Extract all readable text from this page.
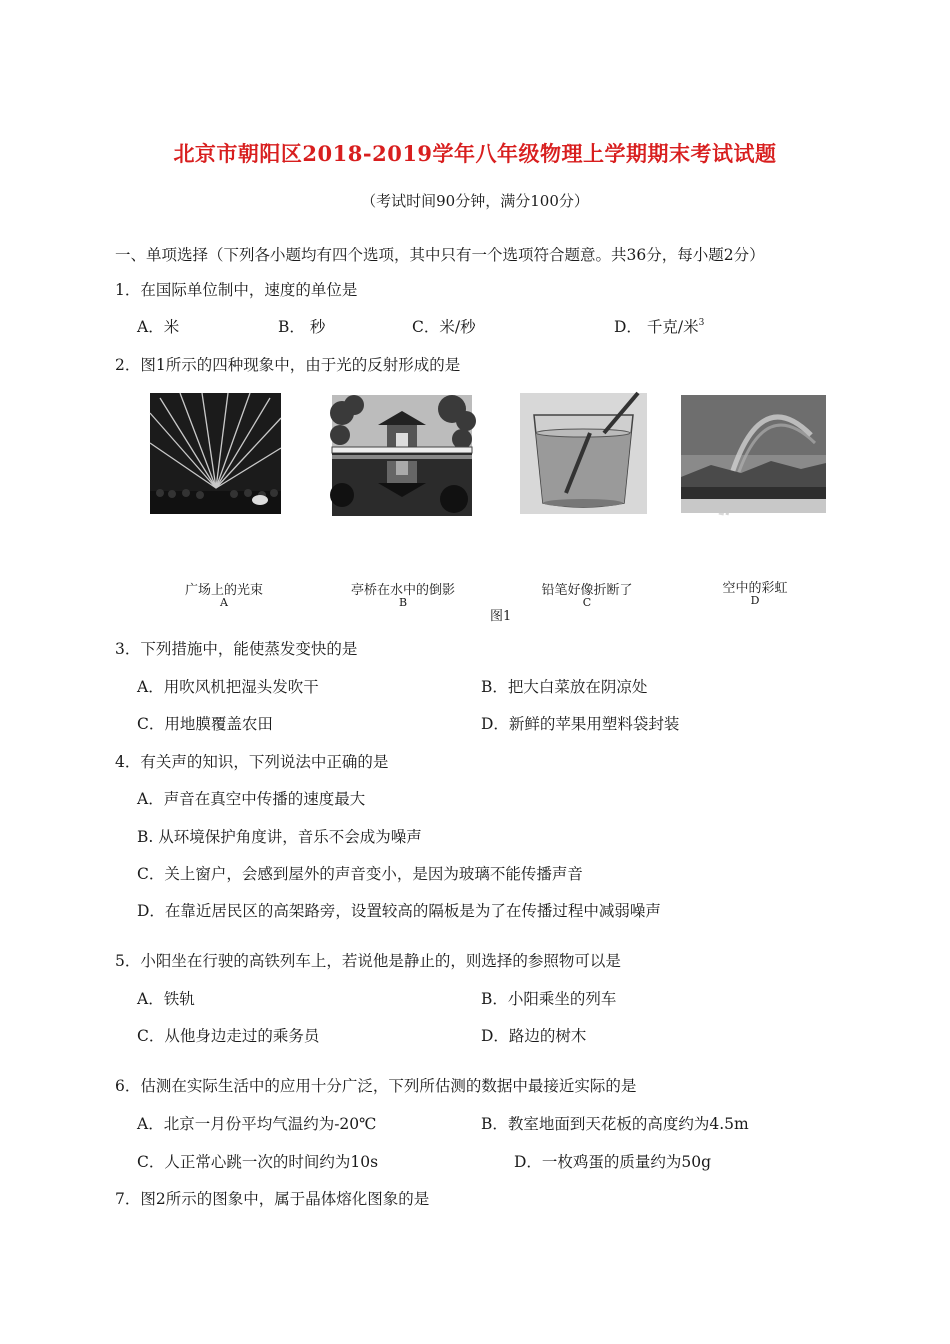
北京市朝阳区2018-2019学年八年级物理上学期期末考试试题
（考试时间90分钟，满分100分）
一、单项选择（下列各小题均有四个选项，其中只有一个选项符合题意。共36分，每小题2分）
1．在国际单位制中，速度的单位是
A．米	B． 秒	C．米/秒	D． 千克/米$^3$
2．图1所示的四种现象中，由于光的反射形成的是
广场上的光束
A
亭桥在水中的倒影
B
铅笔好像折断了
C
空中的彩虹
D
图1
3．下列措施中，能使蒸发变快的是
A．用吹风机把湿头发吹干	B．把大白菜放在阴凉处
C．用地膜覆盖农田	D．新鲜的苹果用塑料袋封装
4．有关声的知识，下列说法中正确的是
A．声音在真空中传播的速度最大
B. 从环境保护角度讲，音乐不会成为噪声
C．关上窗户，会感到屋外的声音变小，是因为玻璃不能传播声音
D．在靠近居民区的高架路旁，设置较高的隔板是为了在传播过程中减弱噪声
5．小阳坐在行驶的高铁列车上，若说他是静止的，则选择的参照物可以是
A．铁轨	B．小阳乘坐的列车
C．从他身边走过的乘务员	D．路边的树木
6．估测在实际生活中的应用十分广泛，下列所估测的数据中最接近实际的是
A．北京一月份平均气温约为-20℃	B．教室地面到天花板的高度约为4.5m
C．人正常心跳一次的时间约为10s	D．一枚鸡蛋的质量约为50g
7．图2所示的图象中，属于晶体熔化图象的是
